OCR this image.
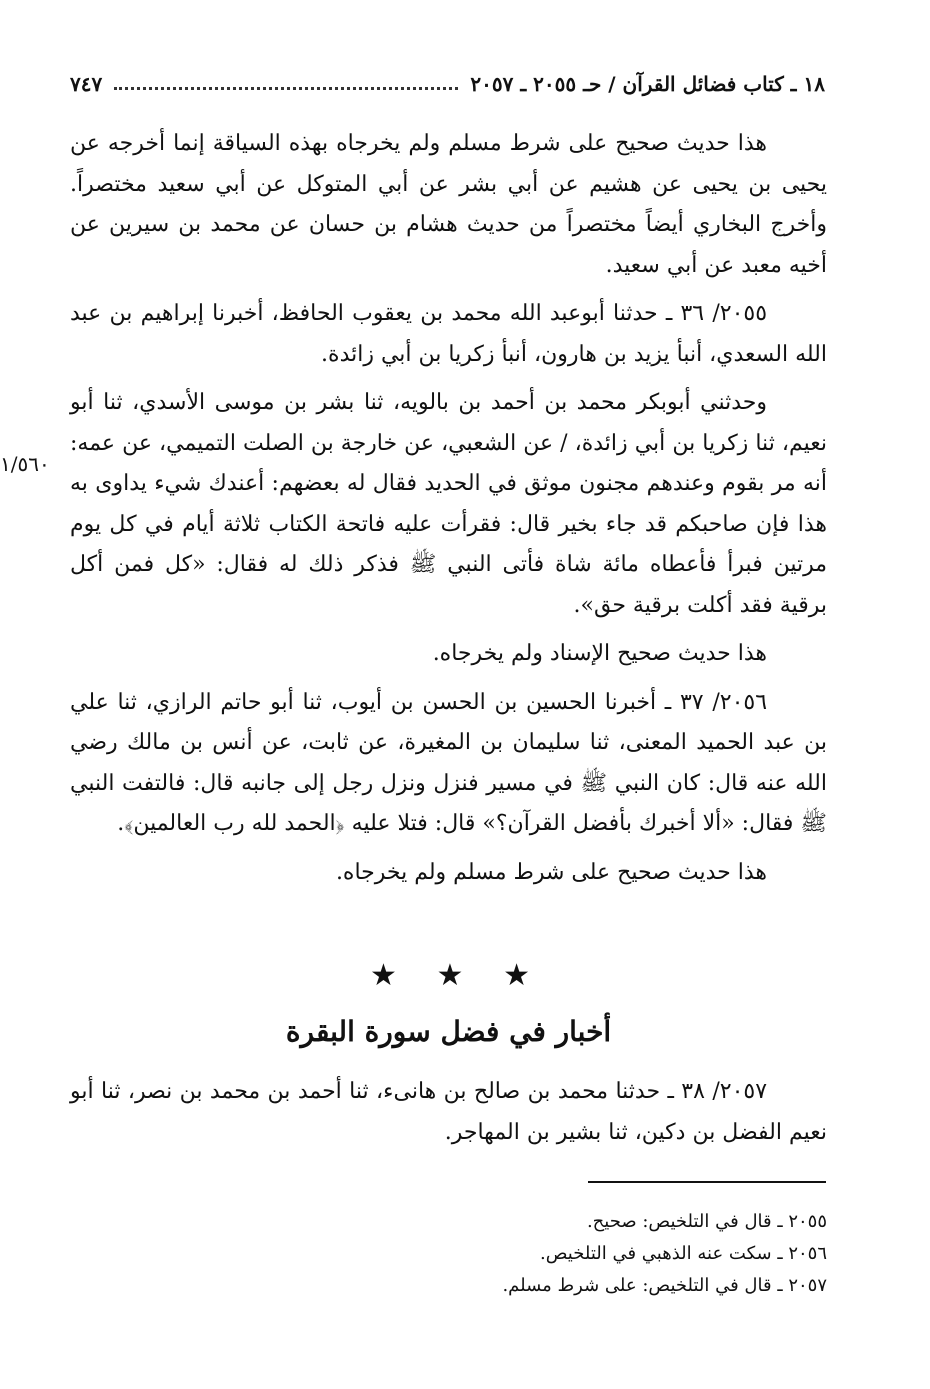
١٨ ـ كتاب فضائل القرآن / حـ ٢٠٥٥ ـ ٢٠٥٧
٧٤٧

هذا حديث صحيح على شرط مسلم ولم يخرجاه بهذه السياقة إنما أخرجه عن يحيى بن يحيى عن هشيم عن أبي بشر عن أبي المتوكل عن أبي سعيد مختصراً. وأخرج البخاري أيضاً مختصراً من حديث هشام بن حسان عن محمد بن سيرين عن أخيه معبد عن أبي سعيد.

٢٠٥٥/ ٣٦ ـ حدثنا أبوعبد الله محمد بن يعقوب الحافظ، أخبرنا إبراهيم بن عبد الله السعدي، أنبأ يزيد بن هارون، أنبأ زكريا بن أبي زائدة.

وحدثني أبوبكر محمد بن أحمد بن بالويه، ثنا بشر بن موسى الأسدي، ثنا أبو نعيم، ثنا زكريا بن أبي زائدة، / عن الشعبي، عن خارجة بن الصلت التميمي، عن عمه: أنه مر بقوم وعندهم مجنون موثق في الحديد فقال له بعضهم: أعندك شيء يداوى به هذا فإن صاحبكم قد جاء بخير قال: فقرأت عليه فاتحة الكتاب ثلاثة أيام في كل يوم مرتين فبرأ فأعطاه مائة شاة فأتى النبي ﷺ فذكر ذلك له فقال: «كل فمن أكل برقية فقد أكلت برقية حق».

هذا حديث صحيح الإسناد ولم يخرجاه.

٢٠٥٦/ ٣٧ ـ أخبرنا الحسين بن الحسن بن أيوب، ثنا أبو حاتم الرازي، ثنا علي بن عبد الحميد المعنى، ثنا سليمان بن المغيرة، عن ثابت، عن أنس بن مالك رضي الله عنه قال: كان النبي ﷺ في مسير فنزل ونزل رجل إلى جانبه قال: فالتفت النبي ﷺ فقال: «ألا أخبرك بأفضل القرآن؟» قال: فتلا عليه ﴿الحمد لله رب العالمين﴾.

هذا حديث صحيح على شرط مسلم ولم يخرجاه.

١/٥٦٠
★ ★ ★
أخبار في فضل سورة البقرة

٢٠٥٧/ ٣٨ ـ حدثنا محمد بن صالح بن هانىء، ثنا أحمد بن محمد بن نصر، ثنا أبو نعيم الفضل بن دكين، ثنا بشير بن المهاجر.

٢٠٥٥ ـ قال في التلخيص: صحيح.
٢٠٥٦ ـ سكت عنه الذهبي في التلخيص.
٢٠٥٧ ـ قال في التلخيص: على شرط مسلم.
